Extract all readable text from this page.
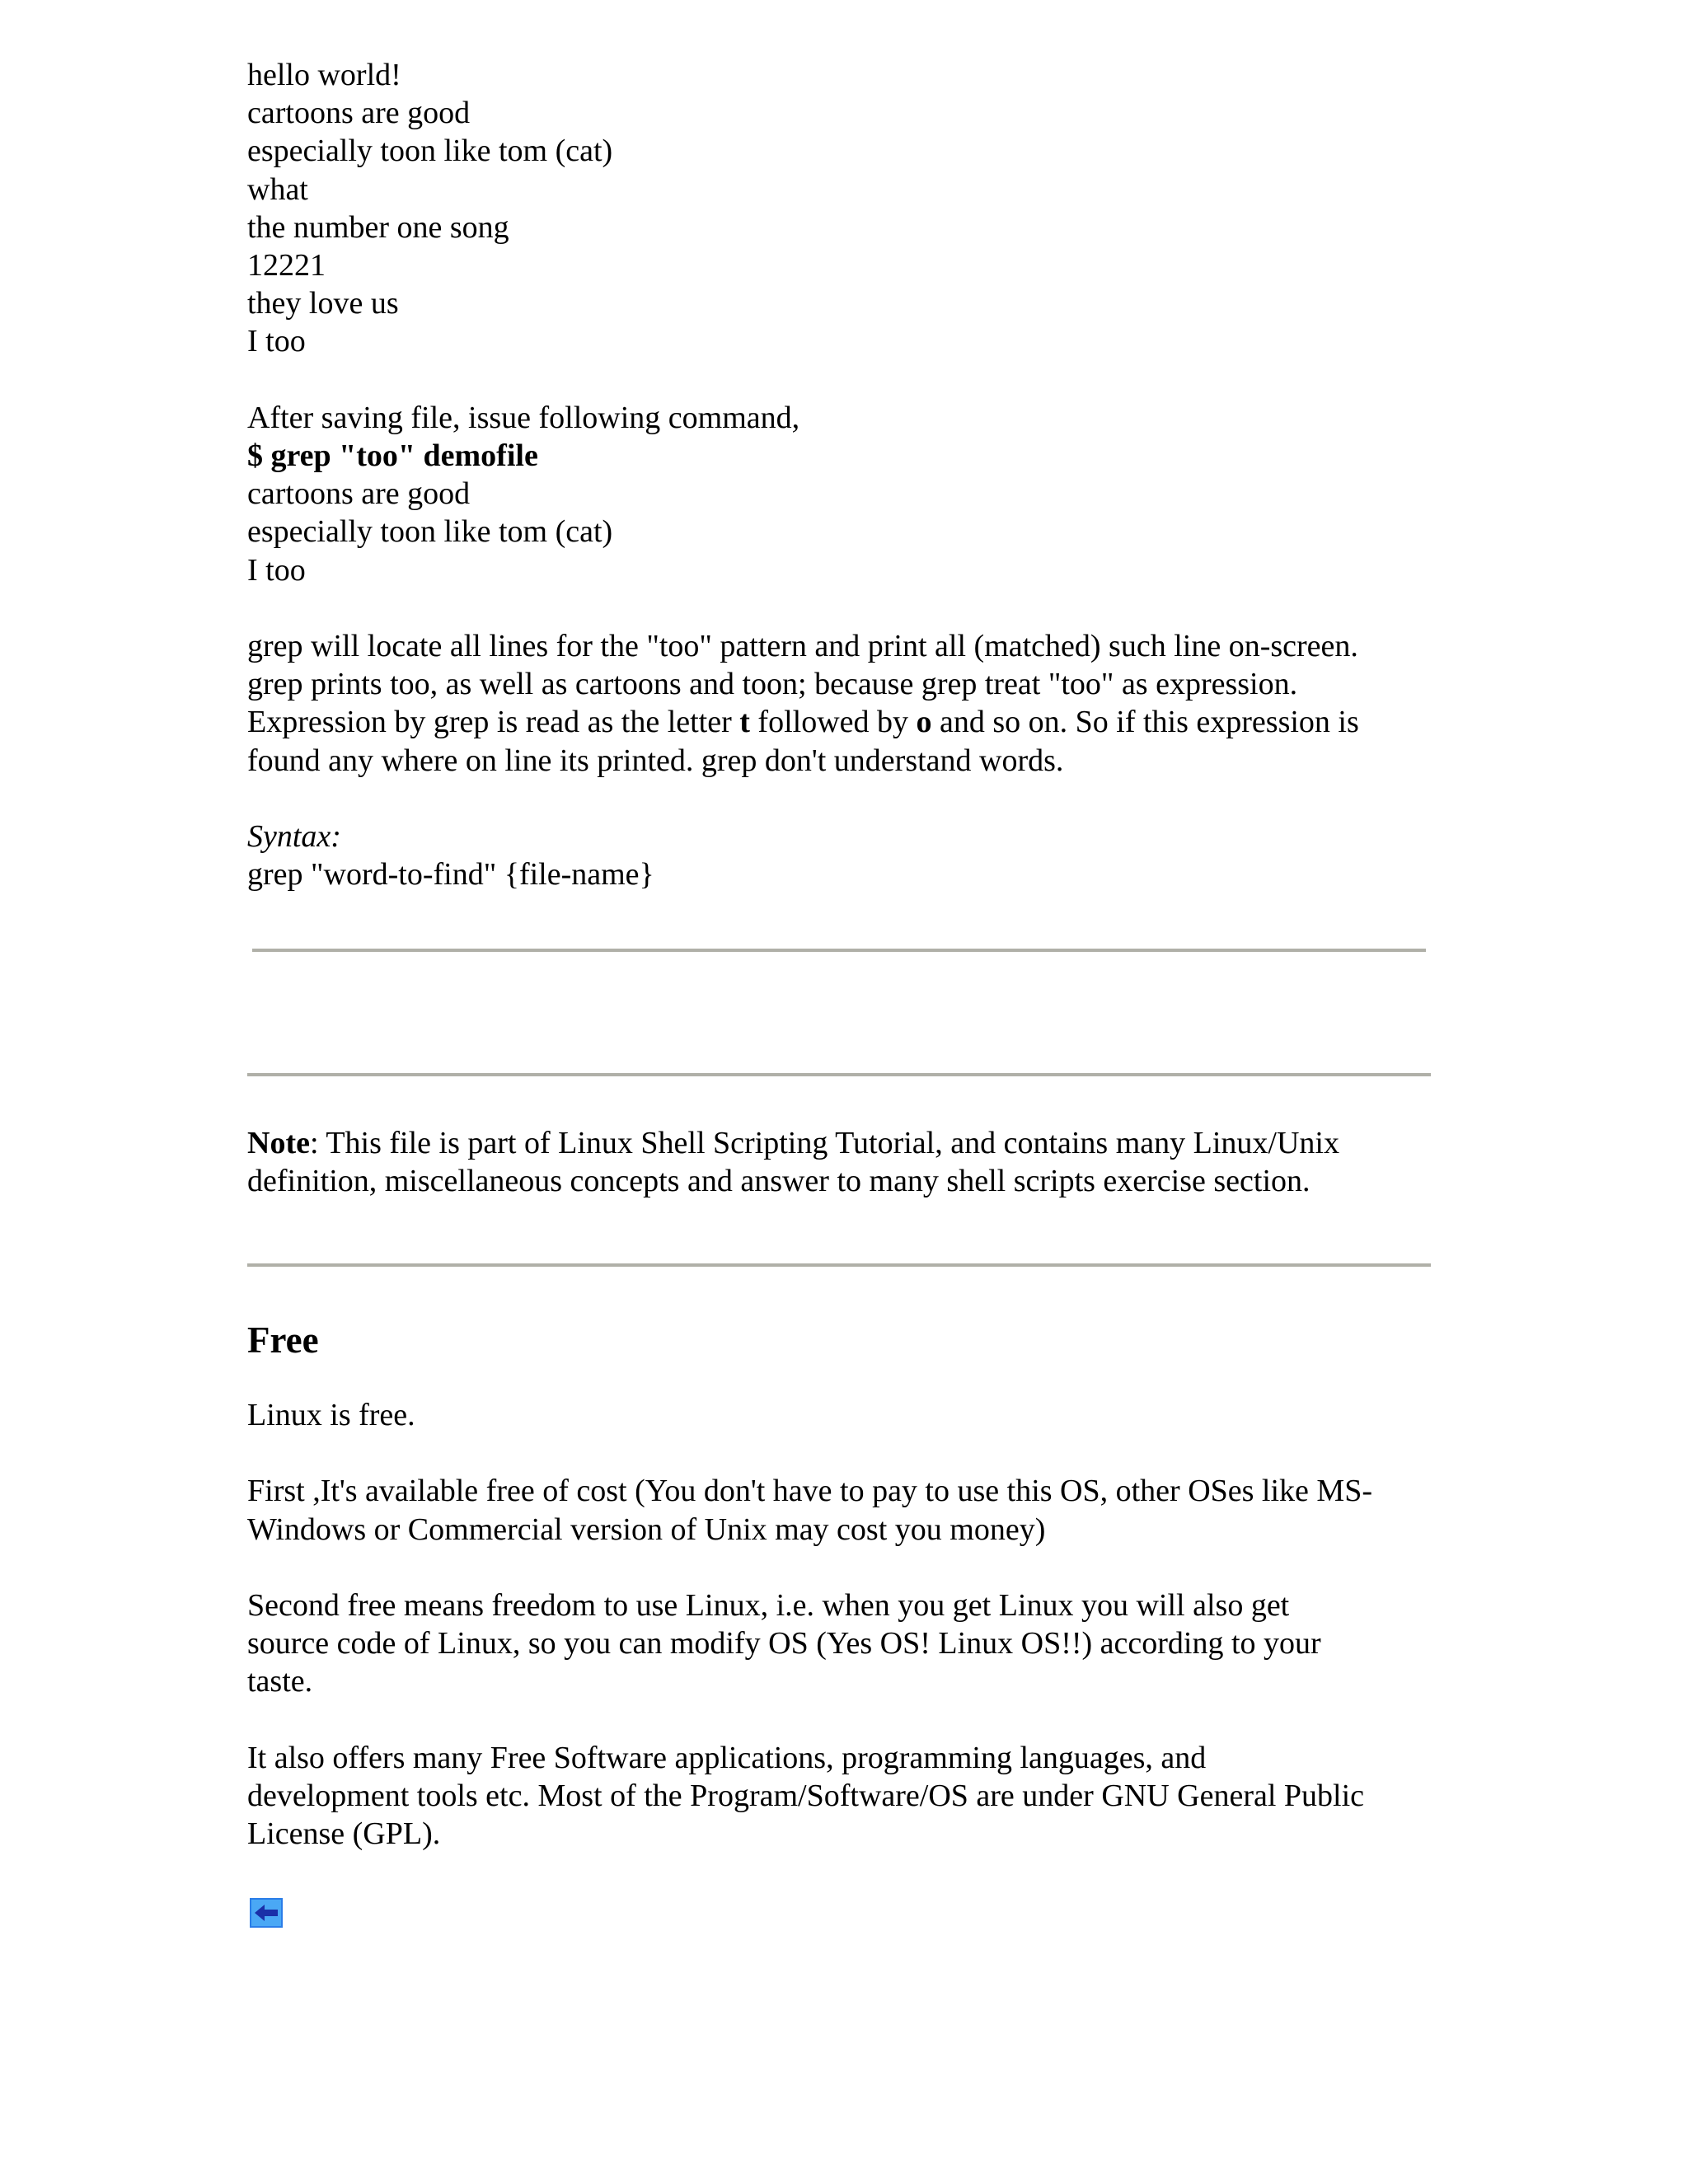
hello world!
cartoons are good
especially toon like tom (cat)
what
the number one song
12221
they love us
I too
After saving file, issue following command,
$ grep "too" demofile
cartoons are good
especially toon like tom (cat)
I too
grep will locate all lines for the "too" pattern and print all (matched) such line on-screen.
grep prints too, as well as cartoons and toon; because grep treat "too" as expression.
Expression by grep is read as the letter t followed by o and so on. So if this expression is
found any where on line its printed. grep don't understand words.
Syntax:
grep "word-to-find" {file-name}
Note: This file is part of Linux Shell Scripting Tutorial, and contains many Linux/Unix
definition, miscellaneous concepts and answer to many shell scripts exercise section.
Free
Linux is free.
First ,It's available free of cost (You don't have to pay to use this OS, other OSes like MS-
Windows or Commercial version of Unix may cost you money)
Second free means freedom to use Linux, i.e. when you get Linux you will also get
source code of Linux, so you can modify OS (Yes OS! Linux OS!!) according to your
taste.
It also offers many Free Software applications, programming languages, and
development tools etc. Most of the Program/Software/OS are under GNU General Public
License (GPL).
